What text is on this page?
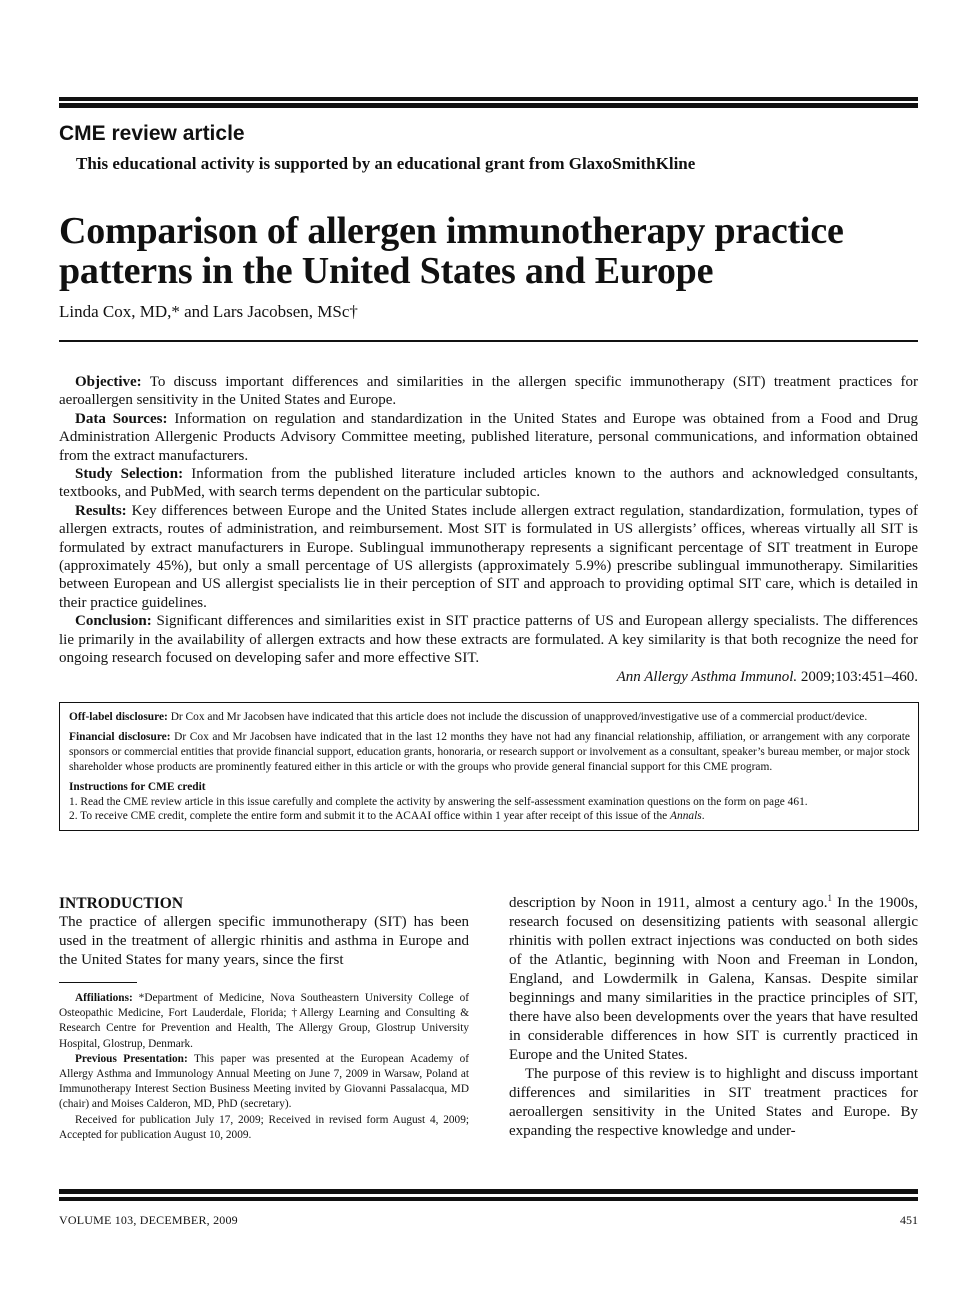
CME review article

This educational activity is supported by an educational grant from GlaxoSmithKline

Comparison of allergen immunotherapy practice patterns in the United States and Europe

Linda Cox, MD,* and Lars Jacobsen, MSc†

Objective: To discuss important differences and similarities in the allergen specific immunotherapy (SIT) treatment practices for aeroallergen sensitivity in the United States and Europe.

Data Sources: Information on regulation and standardization in the United States and Europe was obtained from a Food and Drug Administration Allergenic Products Advisory Committee meeting, published literature, personal communications, and information obtained from the extract manufacturers.

Study Selection: Information from the published literature included articles known to the authors and acknowledged consultants, textbooks, and PubMed, with search terms dependent on the particular subtopic.

Results: Key differences between Europe and the United States include allergen extract regulation, standardization, formulation, types of allergen extracts, routes of administration, and reimbursement. Most SIT is formulated in US allergists’ offices, whereas virtually all SIT is formulated by extract manufacturers in Europe. Sublingual immunotherapy represents a significant percentage of SIT treatment in Europe (approximately 45%), but only a small percentage of US allergists (approximately 5.9%) prescribe sublingual immunotherapy. Similarities between European and US allergist specialists lie in their perception of SIT and approach to providing optimal SIT care, which is detailed in their practice guidelines.

Conclusion: Significant differences and similarities exist in SIT practice patterns of US and European allergy specialists. The differences lie primarily in the availability of allergen extracts and how these extracts are formulated. A key similarity is that both recognize the need for ongoing research focused on developing safer and more effective SIT.

Ann Allergy Asthma Immunol. 2009;103:451–460.

Off-label disclosure: Dr Cox and Mr Jacobsen have indicated that this article does not include the discussion of unapproved/investigative use of a commercial product/device.

Financial disclosure: Dr Cox and Mr Jacobsen have indicated that in the last 12 months they have not had any financial relationship, affiliation, or arrangement with any corporate sponsors or commercial entities that provide financial support, education grants, honoraria, or research support or involvement as a consultant, speaker’s bureau member, or major stock shareholder whose products are prominently featured either in this article or with the groups who provide general financial support for this CME program.

Instructions for CME credit

1. Read the CME review article in this issue carefully and complete the activity by answering the self-assessment examination questions on the form on page 461.
2. To receive CME credit, complete the entire form and submit it to the ACAAI office within 1 year after receipt of this issue of the Annals.
INTRODUCTION

The practice of allergen specific immunotherapy (SIT) has been used in the treatment of allergic rhinitis and asthma in Europe and the United States for many years, since the first

Affiliations: *Department of Medicine, Nova Southeastern University College of Osteopathic Medicine, Fort Lauderdale, Florida; †Allergy Learning and Consulting & Research Centre for Prevention and Health, The Allergy Group, Glostrup University Hospital, Glostrup, Denmark.

Previous Presentation: This paper was presented at the European Academy of Allergy Asthma and Immunology Annual Meeting on June 7, 2009 in Warsaw, Poland at Immunotherapy Interest Section Business Meeting invited by Giovanni Passalacqua, MD (chair) and Moises Calderon, MD, PhD (secretary).

Received for publication July 17, 2009; Received in revised form August 4, 2009; Accepted for publication August 10, 2009.

description by Noon in 1911, almost a century ago.$^1$ In the 1900s, research focused on desensitizing patients with seasonal allergic rhinitis with pollen extract injections was conducted on both sides of the Atlantic, beginning with Noon and Freeman in London, England, and Lowdermilk in Galena, Kansas. Despite similar beginnings and many similarities in the practice principles of SIT, there have also been developments over the years that have resulted in considerable differences in how SIT is currently practiced in Europe and the United States.

The purpose of this review is to highlight and discuss important differences and similarities in SIT treatment practices for aeroallergen sensitivity in the United States and Europe. By expanding the respective knowledge and under-

VOLUME 103, DECEMBER, 2009	451
